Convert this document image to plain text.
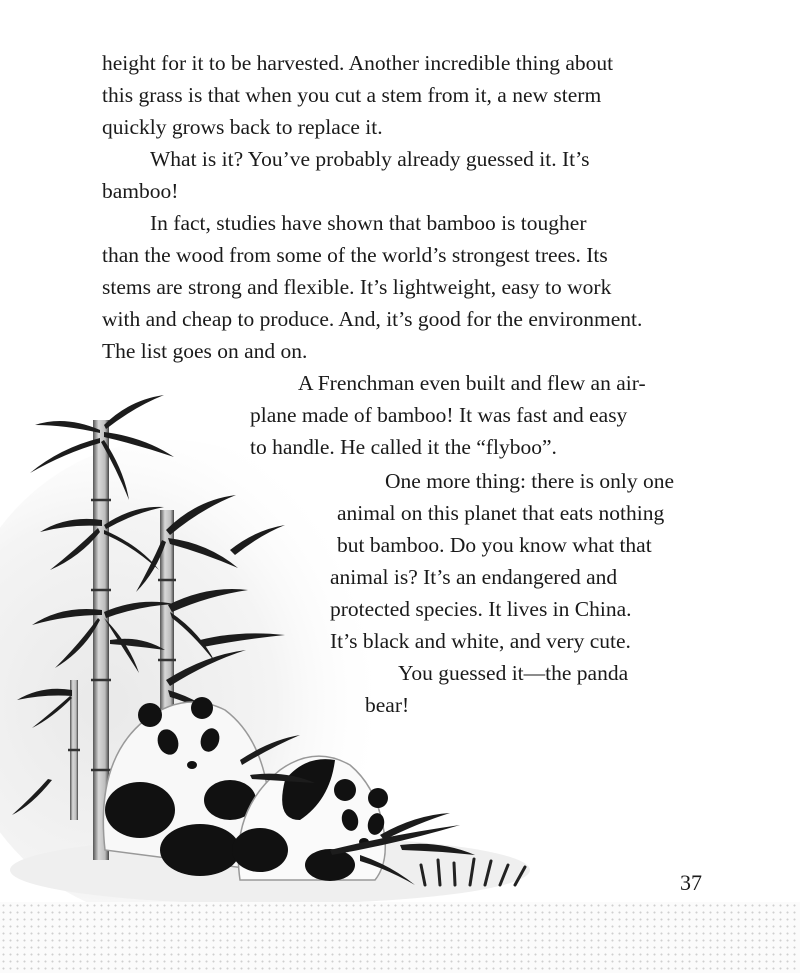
height for it to be harvested. Another incredible thing about

this grass is that when you cut a stem from it, a new sterm

quickly grows back to replace it.

What is it? You’ve probably already guessed it. It’s

bamboo!

In fact, studies have shown that bamboo is tougher

than the wood from some of the world’s strongest trees. Its

stems are strong and flexible. It’s lightweight, easy to work

with and cheap to produce. And, it’s good for the environment.

The list goes on and on.

A Frenchman even built and flew an air-

plane made of bamboo! It was fast and easy

to handle. He called it the “flyboo”.

One more thing: there is only one

animal on this planet that eats nothing

but bamboo. Do you know what that

animal is? It’s an endangered and

protected species. It lives in China.

It’s black and white, and very cute.

You guessed it—the panda

bear!

37
